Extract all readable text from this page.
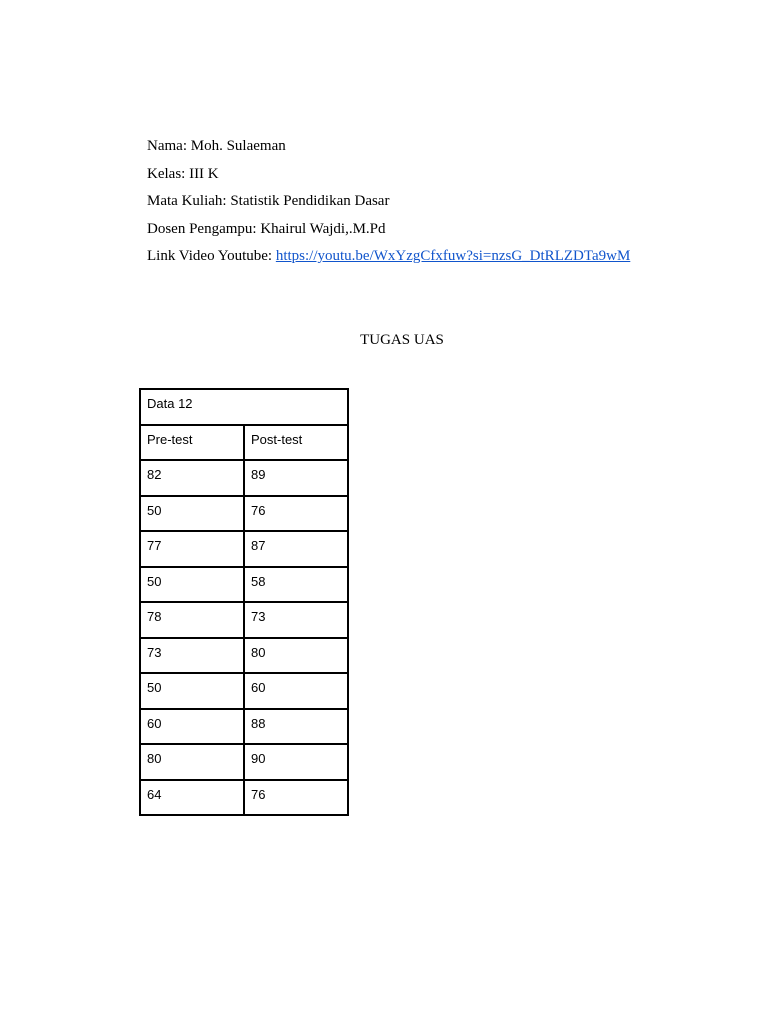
Nama: Moh. Sulaeman

Kelas: III K

Mata Kuliah: Statistik Pendidikan Dasar

Dosen Pengampu: Khairul Wajdi,.M.Pd

Link Video Youtube: https://youtu.be/WxYzgCfxfuw?si=nzsG_DtRLZDTa9wM

TUGAS UAS
Data 12	
Pre-test	Post-test
82	89
50	76
77	87
50	58
78	73
73	80
50	60
60	88
80	90
64	76
